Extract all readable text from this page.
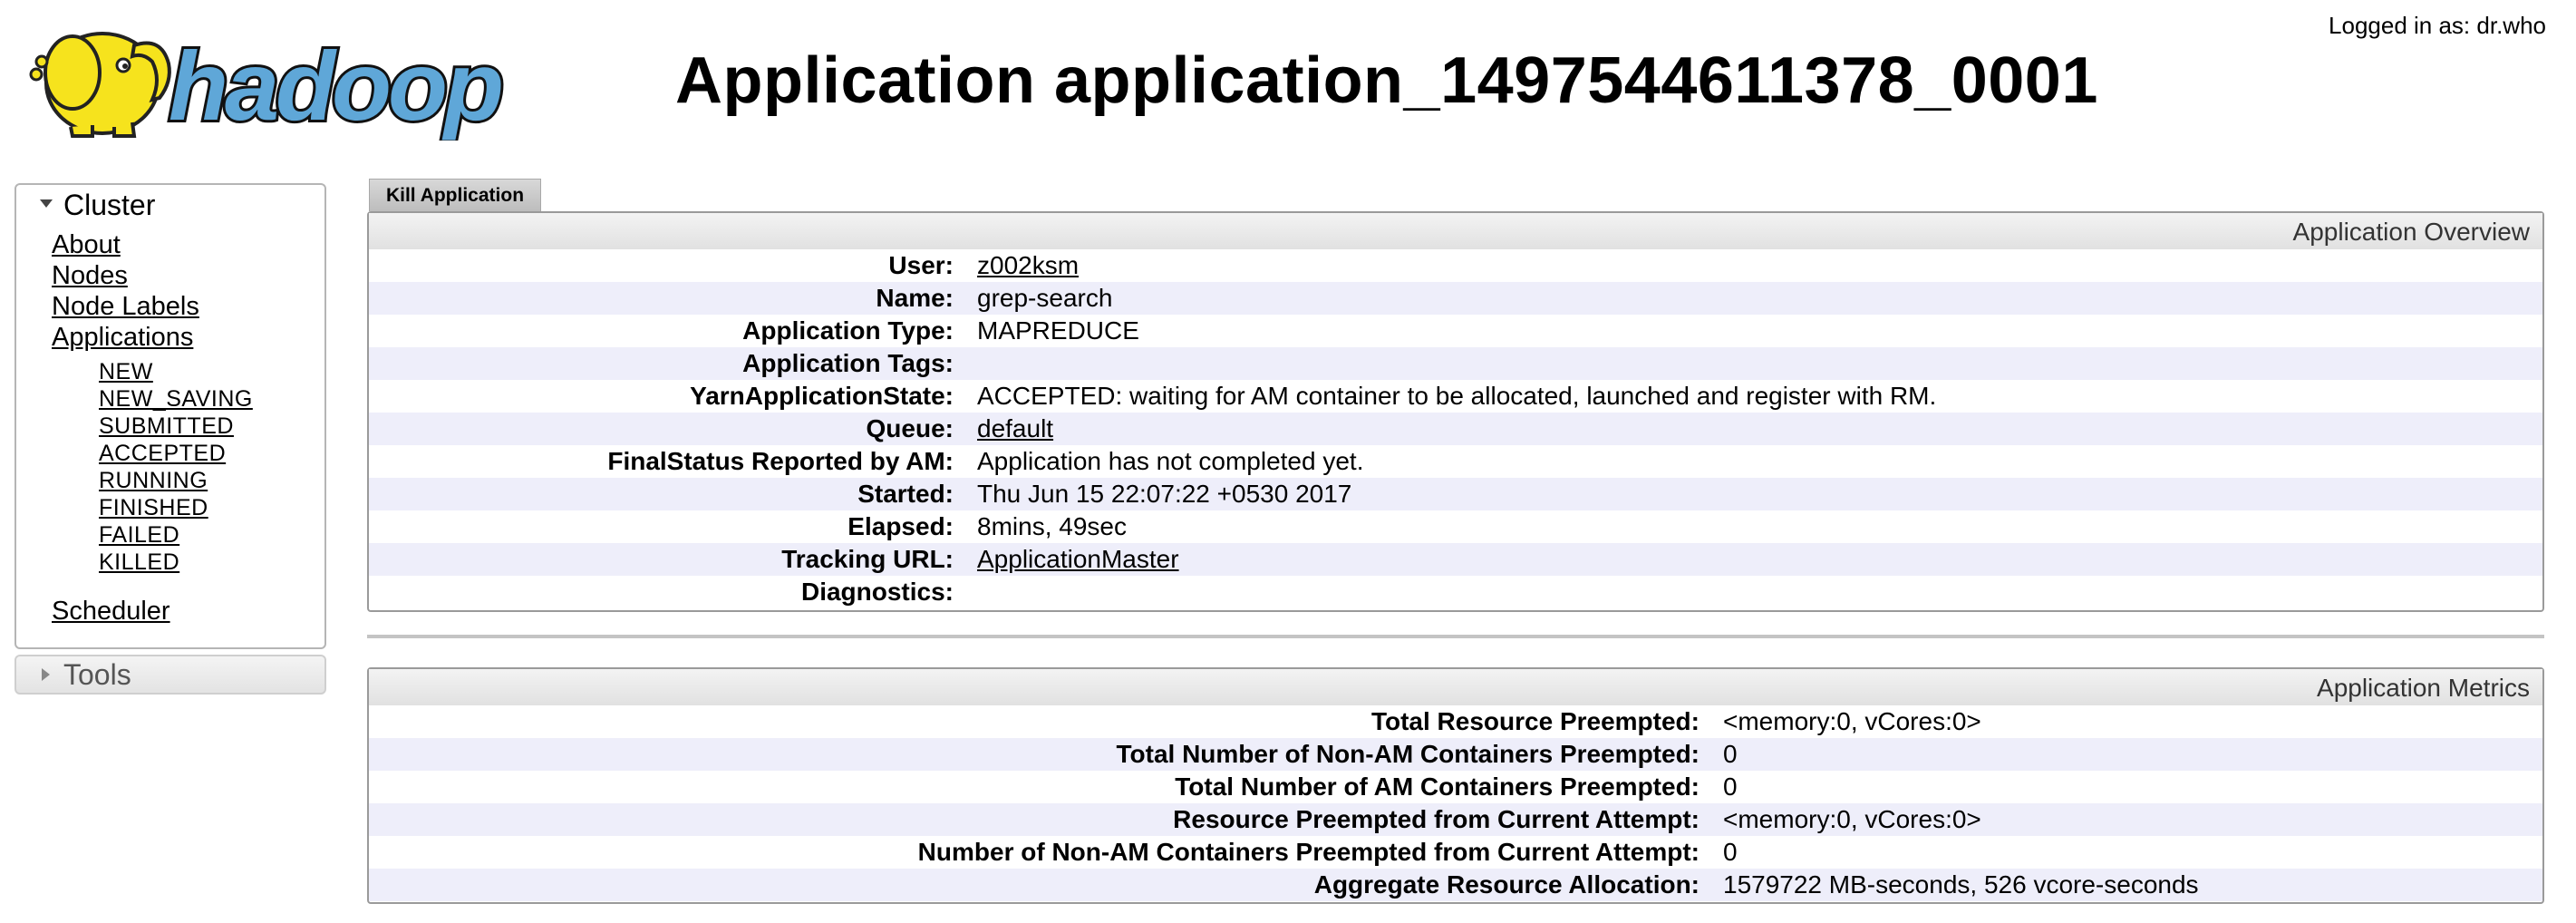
hadoop	Application application_1497544611378_0001
Logged in as: dr.who
Cluster
About
Nodes
Node Labels
Applications
NEW
NEW_SAVING
SUBMITTED
ACCEPTED
RUNNING
FINISHED
FAILED
KILLED
Scheduler
Tools
Kill Application
Application Overview
User: z002ksm
Name: grep-search
Application Type: MAPREDUCE
Application Tags:
YarnApplicationState: ACCEPTED: waiting for AM container to be allocated, launched and register with RM.
Queue: default
FinalStatus Reported by AM: Application has not completed yet.
Started: Thu Jun 15 22:07:22 +0530 2017
Elapsed: 8mins, 49sec
Tracking URL: ApplicationMaster
Diagnostics:
Application Metrics
Total Resource Preempted: <memory:0, vCores:0>
Total Number of Non-AM Containers Preempted: 0
Total Number of AM Containers Preempted: 0
Resource Preempted from Current Attempt: <memory:0, vCores:0>
Number of Non-AM Containers Preempted from Current Attempt: 0
Aggregate Resource Allocation: 1579722 MB-seconds, 526 vcore-seconds
